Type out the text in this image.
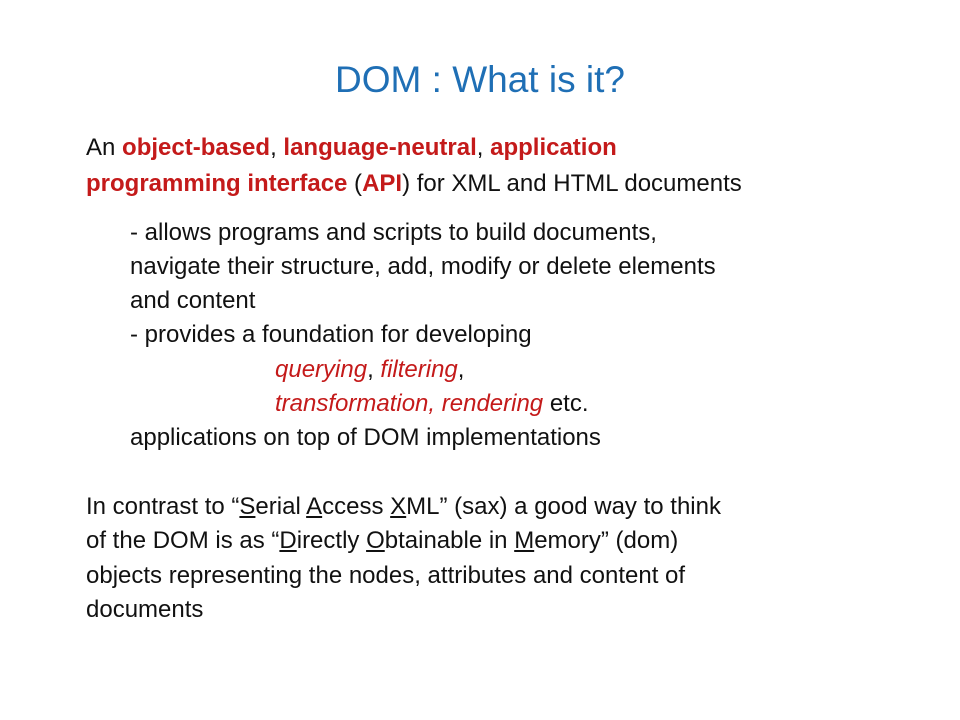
DOM : What is it?
An object-based, language-neutral, application
programming interface (API) for XML and HTML documents
- allows programs and scripts to build documents,
navigate their structure, add, modify or delete elements
and content
- provides a foundation for developing
querying, filtering,
transformation, rendering etc.
applications on top of DOM implementations
In contrast to “Serial Access XML” (sax) a good way to think
of the DOM is as “Directly Obtainable in Memory” (dom)
objects representing the nodes, attributes and content of
documents
